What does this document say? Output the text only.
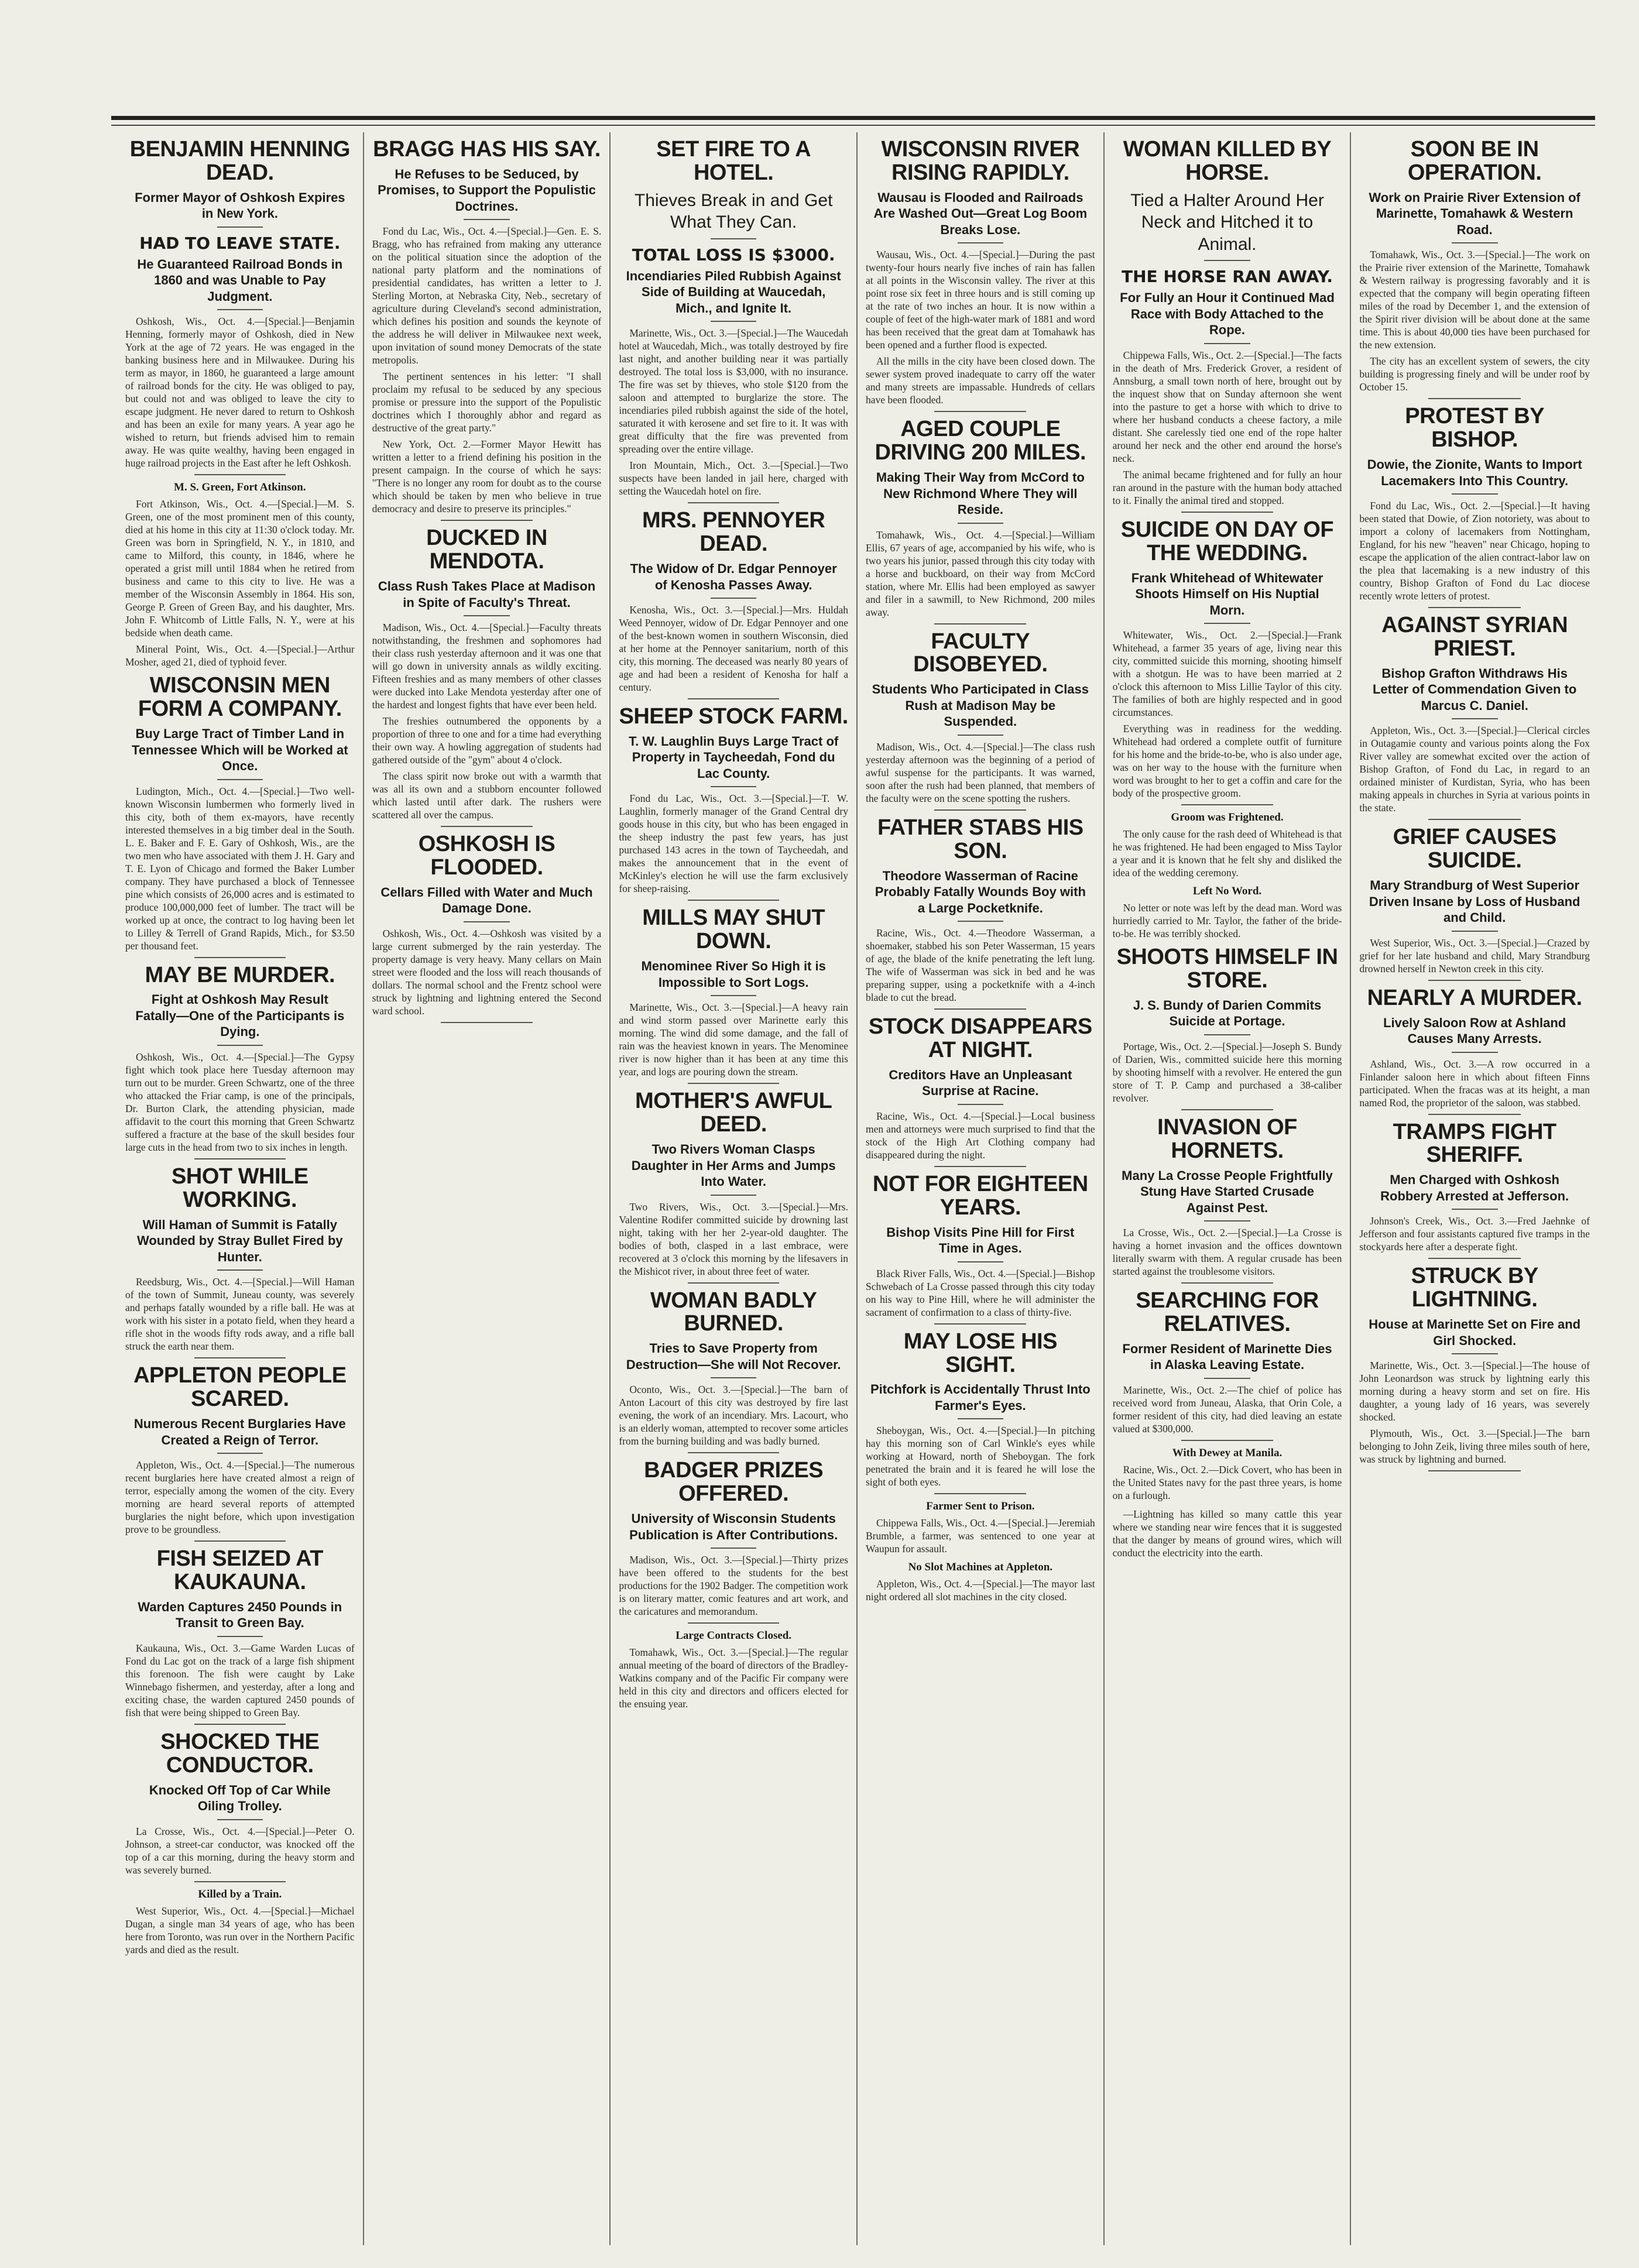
BENJAMIN HENNING DEAD.
Former Mayor of Oshkosh Expires in New York.
HAD TO LEAVE STATE.
He Guaranteed Railroad Bonds in 1860 and was Unable to Pay Judgment.

Oshkosh, Wis., Oct. 4.—[Special.]—Benjamin Henning, formerly mayor of Oshkosh, died in New York at the age of 72 years. He was engaged in the banking business here and in Milwaukee. During his term as mayor, in 1860, he guaranteed a large amount of railroad bonds for the city. He was obliged to pay, but could not and was obliged to leave the city to escape judgment. He never dared to return to Oshkosh and has been an exile for many years. A year ago he wished to return, but friends advised him to remain away. He was quite wealthy, having been engaged in huge railroad projects in the East after he left Oshkosh.

M. S. Green, Fort Atkinson.

Fort Atkinson, Wis., Oct. 4.—[Special.]—M. S. Green, one of the most prominent men of this county, died at his home in this city at 11:30 o'clock today. Mr. Green was born in Springfield, N. Y., in 1810, and came to Milford, this county, in 1846, where he operated a grist mill until 1884 when he retired from business and came to this city to live. He was a member of the Wisconsin Assembly in 1864. His son, George P. Green of Green Bay, and his daughter, Mrs. John F. Whitcomb of Little Falls, N. Y., were at his bedside when death came.

Mineral Point, Wis., Oct. 4.—[Special.]—Arthur Mosher, aged 21, died of typhoid fever.

WISCONSIN MEN FORM A COMPANY.
Buy Large Tract of Timber Land in Tennessee Which will be Worked at Once.

Ludington, Mich., Oct. 4.—[Special.]—Two well-known Wisconsin lumbermen who formerly lived in this city, both of them ex-mayors, have recently interested themselves in a big timber deal in the South. L. E. Baker and F. E. Gary of Oshkosh, Wis., are the two men who have associated with them J. H. Gary and T. E. Lyon of Chicago and formed the Baker Lumber company. They have purchased a block of Tennessee pine which consists of 26,000 acres and is estimated to produce 100,000,000 feet of lumber. The tract will be worked up at once, the contract to log having been let to Lilley & Terrell of Grand Rapids, Mich., for $3.50 per thousand feet.

MAY BE MURDER.
Fight at Oshkosh May Result Fatally—One of the Participants is Dying.

Oshkosh, Wis., Oct. 4.—[Special.]—The Gypsy fight which took place here Tuesday afternoon may turn out to be murder. Green Schwartz, one of the three who attacked the Friar camp, is one of the principals, Dr. Burton Clark, the attending physician, made affidavit to the court this morning that Green Schwartz suffered a fracture at the base of the skull besides four large cuts in the head from two to six inches in length.

SHOT WHILE WORKING.
Will Haman of Summit is Fatally Wounded by Stray Bullet Fired by Hunter.

Reedsburg, Wis., Oct. 4.—[Special.]—Will Haman of the town of Summit, Juneau county, was severely and perhaps fatally wounded by a rifle ball. He was at work with his sister in a potato field, when they heard a rifle shot in the woods fifty rods away, and a rifle ball struck the earth near them.

APPLETON PEOPLE SCARED.
Numerous Recent Burglaries Have Created a Reign of Terror.

Appleton, Wis., Oct. 4.—[Special.]—The numerous recent burglaries here have created almost a reign of terror, especially among the women of the city. Every morning are heard several reports of attempted burglaries the night before, which upon investigation prove to be groundless.

FISH SEIZED AT KAUKAUNA.
Warden Captures 2450 Pounds in Transit to Green Bay.

Kaukauna, Wis., Oct. 3.—Game Warden Lucas of Fond du Lac got on the track of a large fish shipment this forenoon. The fish were caught by Lake Winnebago fishermen, and yesterday, after a long and exciting chase, the warden captured 2450 pounds of fish that were being shipped to Green Bay.

SHOCKED THE CONDUCTOR.
Knocked Off Top of Car While Oiling Trolley.

La Crosse, Wis., Oct. 4.—[Special.]—Peter O. Johnson, a street-car conductor, was knocked off the top of a car this morning, during the heavy storm and was severely burned.

Killed by a Train.

West Superior, Wis., Oct. 4.—[Special.]—Michael Dugan, a single man 34 years of age, who has been here from Toronto, was run over in the Northern Pacific yards and died as the result.

BRAGG HAS HIS SAY.
He Refuses to be Seduced, by Promises, to Support the Populistic Doctrines.

Fond du Lac, Wis., Oct. 4.—[Special.]—Gen. E. S. Bragg, who has refrained from making any utterance on the political situation since the adoption of the national party platform and the nominations of presidential candidates, has written a letter to J. Sterling Morton, at Nebraska City, Neb., secretary of agriculture during Cleveland's second administration, which defines his position and sounds the keynote of the address he will deliver in Milwaukee next week, upon invitation of sound money Democrats of the state metropolis.

The pertinent sentences in his letter: "I shall proclaim my refusal to be seduced by any specious promise or pressure into the support of the Populistic doctrines which I thoroughly abhor and regard as destructive of the great party."

New York, Oct. 2.—Former Mayor Hewitt has written a letter to a friend defining his position in the present campaign. In the course of which he says: "There is no longer any room for doubt as to the course which should be taken by men who believe in true democracy and desire to preserve its principles."

DUCKED IN MENDOTA.
Class Rush Takes Place at Madison in Spite of Faculty's Threat.

Madison, Wis., Oct. 4.—[Special.]—Faculty threats notwithstanding, the freshmen and sophomores had their class rush yesterday afternoon and it was one that will go down in university annals as wildly exciting. Fifteen freshies and as many members of other classes were ducked into Lake Mendota yesterday after one of the hardest and longest fights that have ever been held.

The freshies outnumbered the opponents by a proportion of three to one and for a time had everything their own way. A howling aggregation of students had gathered outside of the "gym" about 4 o'clock.

The class spirit now broke out with a warmth that was all its own and a stubborn encounter followed which lasted until after dark. The rushers were scattered all over the campus.

OSHKOSH IS FLOODED.
Cellars Filled with Water and Much Damage Done.

Oshkosh, Wis., Oct. 4.—Oshkosh was visited by a large current submerged by the rain yesterday. The property damage is very heavy. Many cellars on Main street were flooded and the loss will reach thousands of dollars. The normal school and the Frentz school were struck by lightning and lightning entered the Second ward school.

SET FIRE TO A HOTEL.
Thieves Break in and Get What They Can.
TOTAL LOSS IS $3000.
Incendiaries Piled Rubbish Against Side of Building at Waucedah, Mich., and Ignite It.

Marinette, Wis., Oct. 3.—[Special.]—The Waucedah hotel at Waucedah, Mich., was totally destroyed by fire last night, and another building near it was partially destroyed. The total loss is $3,000, with no insurance. The fire was set by thieves, who stole $120 from the saloon and attempted to burglarize the store. The incendiaries piled rubbish against the side of the hotel, saturated it with kerosene and set fire to it. It was with great difficulty that the fire was prevented from spreading over the entire village.

Iron Mountain, Mich., Oct. 3.—[Special.]—Two suspects have been landed in jail here, charged with setting the Waucedah hotel on fire.

MRS. PENNOYER DEAD.
The Widow of Dr. Edgar Pennoyer of Kenosha Passes Away.

Kenosha, Wis., Oct. 3.—[Special.]—Mrs. Huldah Weed Pennoyer, widow of Dr. Edgar Pennoyer and one of the best-known women in southern Wisconsin, died at her home at the Pennoyer sanitarium, north of this city, this morning. The deceased was nearly 80 years of age and had been a resident of Kenosha for half a century.

SHEEP STOCK FARM.
T. W. Laughlin Buys Large Tract of Property in Taycheedah, Fond du Lac County.

Fond du Lac, Wis., Oct. 3.—[Special.]—T. W. Laughlin, formerly manager of the Grand Central dry goods house in this city, but who has been engaged in the sheep industry the past few years, has just purchased 143 acres in the town of Taycheedah, and makes the announcement that in the event of McKinley's election he will use the farm exclusively for sheep-raising.

MILLS MAY SHUT DOWN.
Menominee River So High it is Impossible to Sort Logs.

Marinette, Wis., Oct. 3.—[Special.]—A heavy rain and wind storm passed over Marinette early this morning. The wind did some damage, and the fall of rain was the heaviest known in years. The Menominee river is now higher than it has been at any time this year, and logs are pouring down the stream.

MOTHER'S AWFUL DEED.
Two Rivers Woman Clasps Daughter in Her Arms and Jumps Into Water.

Two Rivers, Wis., Oct. 3.—[Special.]—Mrs. Valentine Rodifer committed suicide by drowning last night, taking with her her 2-year-old daughter. The bodies of both, clasped in a last embrace, were recovered at 3 o'clock this morning by the lifesavers in the Mishicot river, in about three feet of water.

WOMAN BADLY BURNED.
Tries to Save Property from Destruction—She will Not Recover.

Oconto, Wis., Oct. 3.—[Special.]—The barn of Anton Lacourt of this city was destroyed by fire last evening, the work of an incendiary. Mrs. Lacourt, who is an elderly woman, attempted to recover some articles from the burning building and was badly burned.

BADGER PRIZES OFFERED.
University of Wisconsin Students Publication is After Contributions.

Madison, Wis., Oct. 3.—[Special.]—Thirty prizes have been offered to the students for the best productions for the 1902 Badger. The competition work is on literary matter, comic features and art work, and the caricatures and memorandum.

Large Contracts Closed.

Tomahawk, Wis., Oct. 3.—[Special.]—The regular annual meeting of the board of directors of the Bradley-Watkins company and of the Pacific Fir company were held in this city and directors and officers elected for the ensuing year.

WISCONSIN RIVER RISING RAPIDLY.
Wausau is Flooded and Railroads Are Washed Out—Great Log Boom Breaks Lose.

Wausau, Wis., Oct. 4.—[Special.]—During the past twenty-four hours nearly five inches of rain has fallen at all points in the Wisconsin valley. The river at this point rose six feet in three hours and is still coming up at the rate of two inches an hour. It is now within a couple of feet of the high-water mark of 1881 and word has been received that the great dam at Tomahawk has been opened and a further flood is expected.

All the mills in the city have been closed down. The sewer system proved inadequate to carry off the water and many streets are impassable. Hundreds of cellars have been flooded.

AGED COUPLE DRIVING 200 MILES.
Making Their Way from McCord to New Richmond Where They will Reside.

Tomahawk, Wis., Oct. 4.—[Special.]—William Ellis, 67 years of age, accompanied by his wife, who is two years his junior, passed through this city today with a horse and buckboard, on their way from McCord station, where Mr. Ellis had been employed as sawyer and filer in a sawmill, to New Richmond, 200 miles away.

FACULTY DISOBEYED.
Students Who Participated in Class Rush at Madison May be Suspended.

Madison, Wis., Oct. 4.—[Special.]—The class rush yesterday afternoon was the beginning of a period of awful suspense for the participants. It was warned, soon after the rush had been planned, that members of the faculty were on the scene spotting the rushers.

FATHER STABS HIS SON.
Theodore Wasserman of Racine Probably Fatally Wounds Boy with a Large Pocketknife.

Racine, Wis., Oct. 4.—Theodore Wasserman, a shoemaker, stabbed his son Peter Wasserman, 15 years of age, the blade of the knife penetrating the left lung. The wife of Wasserman was sick in bed and he was preparing supper, using a pocketknife with a 4-inch blade to cut the bread.

STOCK DISAPPEARS AT NIGHT.
Creditors Have an Unpleasant Surprise at Racine.

Racine, Wis., Oct. 4.—[Special.]—Local business men and attorneys were much surprised to find that the stock of the High Art Clothing company had disappeared during the night.

NOT FOR EIGHTEEN YEARS.
Bishop Visits Pine Hill for First Time in Ages.

Black River Falls, Wis., Oct. 4.—[Special.]—Bishop Schwebach of La Crosse passed through this city today on his way to Pine Hill, where he will administer the sacrament of confirmation to a class of thirty-five.

MAY LOSE HIS SIGHT.
Pitchfork is Accidentally Thrust Into Farmer's Eyes.

Sheboygan, Wis., Oct. 4.—[Special.]—In pitching hay this morning son of Carl Winkle's eyes while working at Howard, north of Sheboygan. The fork penetrated the brain and it is feared he will lose the sight of both eyes.

Farmer Sent to Prison.

Chippewa Falls, Wis., Oct. 4.—[Special.]—Jeremiah Brumble, a farmer, was sentenced to one year at Waupun for assault.

No Slot Machines at Appleton.

Appleton, Wis., Oct. 4.—[Special.]—The mayor last night ordered all slot machines in the city closed.

WOMAN KILLED BY HORSE.
Tied a Halter Around Her Neck and Hitched it to Animal.
THE HORSE RAN AWAY.
For Fully an Hour it Continued Mad Race with Body Attached to the Rope.

Chippewa Falls, Wis., Oct. 2.—[Special.]—The facts in the death of Mrs. Frederick Grover, a resident of Annsburg, a small town north of here, brought out by the inquest show that on Sunday afternoon she went into the pasture to get a horse with which to drive to where her husband conducts a cheese factory, a mile distant. She carelessly tied one end of the rope halter around her neck and the other end around the horse's neck.

The animal became frightened and for fully an hour ran around in the pasture with the human body attached to it. Finally the animal tired and stopped.

SUICIDE ON DAY OF THE WEDDING.
Frank Whitehead of Whitewater Shoots Himself on His Nuptial Morn.

Whitewater, Wis., Oct. 2.—[Special.]—Frank Whitehead, a farmer 35 years of age, living near this city, committed suicide this morning, shooting himself with a shotgun. He was to have been married at 2 o'clock this afternoon to Miss Lillie Taylor of this city. The families of both are highly respected and in good circumstances.

Everything was in readiness for the wedding. Whitehead had ordered a complete outfit of furniture for his home and the bride-to-be, who is also under age, was on her way to the house with the furniture when word was brought to her to get a coffin and care for the body of the prospective groom.

Groom was Frightened.

The only cause for the rash deed of Whitehead is that he was frightened. He had been engaged to Miss Taylor a year and it is known that he felt shy and disliked the idea of the wedding ceremony.

Left No Word.

No letter or note was left by the dead man. Word was hurriedly carried to Mr. Taylor, the father of the bride-to-be. He was terribly shocked.

SHOOTS HIMSELF IN STORE.
J. S. Bundy of Darien Commits Suicide at Portage.

Portage, Wis., Oct. 2.—[Special.]—Joseph S. Bundy of Darien, Wis., committed suicide here this morning by shooting himself with a revolver. He entered the gun store of T. P. Camp and purchased a 38-caliber revolver.

INVASION OF HORNETS.
Many La Crosse People Frightfully Stung Have Started Crusade Against Pest.

La Crosse, Wis., Oct. 2.—[Special.]—La Crosse is having a hornet invasion and the offices downtown literally swarm with them. A regular crusade has been started against the troublesome visitors.

SEARCHING FOR RELATIVES.
Former Resident of Marinette Dies in Alaska Leaving Estate.

Marinette, Wis., Oct. 2.—The chief of police has received word from Juneau, Alaska, that Orin Cole, a former resident of this city, had died leaving an estate valued at $300,000.

With Dewey at Manila.

Racine, Wis., Oct. 2.—Dick Covert, who has been in the United States navy for the past three years, is home on a furlough.

—Lightning has killed so many cattle this year where we standing near wire fences that it is suggested that the danger by means of ground wires, which will conduct the electricity into the earth.

SOON BE IN OPERATION.
Work on Prairie River Extension of Marinette, Tomahawk & Western Road.

Tomahawk, Wis., Oct. 3.—[Special.]—The work on the Prairie river extension of the Marinette, Tomahawk & Western railway is progressing favorably and it is expected that the company will begin operating fifteen miles of the road by December 1, and the extension of the Spirit river division will be about done at the same time. This is about 40,000 ties have been purchased for the new extension.

The city has an excellent system of sewers, the city building is progressing finely and will be under roof by October 15.

PROTEST BY BISHOP.
Dowie, the Zionite, Wants to Import Lacemakers Into This Country.

Fond du Lac, Wis., Oct. 2.—[Special.]—It having been stated that Dowie, of Zion notoriety, was about to import a colony of lacemakers from Nottingham, England, for his new "heaven" near Chicago, hoping to escape the application of the alien contract-labor law on the plea that lacemaking is a new industry of this country, Bishop Grafton of Fond du Lac diocese recently wrote letters of protest.

AGAINST SYRIAN PRIEST.
Bishop Grafton Withdraws His Letter of Commendation Given to Marcus C. Daniel.

Appleton, Wis., Oct. 3.—[Special.]—Clerical circles in Outagamie county and various points along the Fox River valley are somewhat excited over the action of Bishop Grafton, of Fond du Lac, in regard to an ordained minister of Kurdistan, Syria, who has been making appeals in churches in Syria at various points in the state.

GRIEF CAUSES SUICIDE.
Mary Strandburg of West Superior Driven Insane by Loss of Husband and Child.

West Superior, Wis., Oct. 3.—[Special.]—Crazed by grief for her late husband and child, Mary Strandburg drowned herself in Newton creek in this city.

NEARLY A MURDER.
Lively Saloon Row at Ashland Causes Many Arrests.

Ashland, Wis., Oct. 3.—A row occurred in a Finlander saloon here in which about fifteen Finns participated. When the fracas was at its height, a man named Rod, the proprietor of the saloon, was stabbed.

TRAMPS FIGHT SHERIFF.
Men Charged with Oshkosh Robbery Arrested at Jefferson.

Johnson's Creek, Wis., Oct. 3.—Fred Jaehnke of Jefferson and four assistants captured five tramps in the stockyards here after a desperate fight.

STRUCK BY LIGHTNING.
House at Marinette Set on Fire and Girl Shocked.

Marinette, Wis., Oct. 3.—[Special.]—The house of John Leonardson was struck by lightning early this morning during a heavy storm and set on fire. His daughter, a young lady of 16 years, was severely shocked.

Plymouth, Wis., Oct. 3.—[Special.]—The barn belonging to John Zeik, living three miles south of here, was struck by lightning and burned.
